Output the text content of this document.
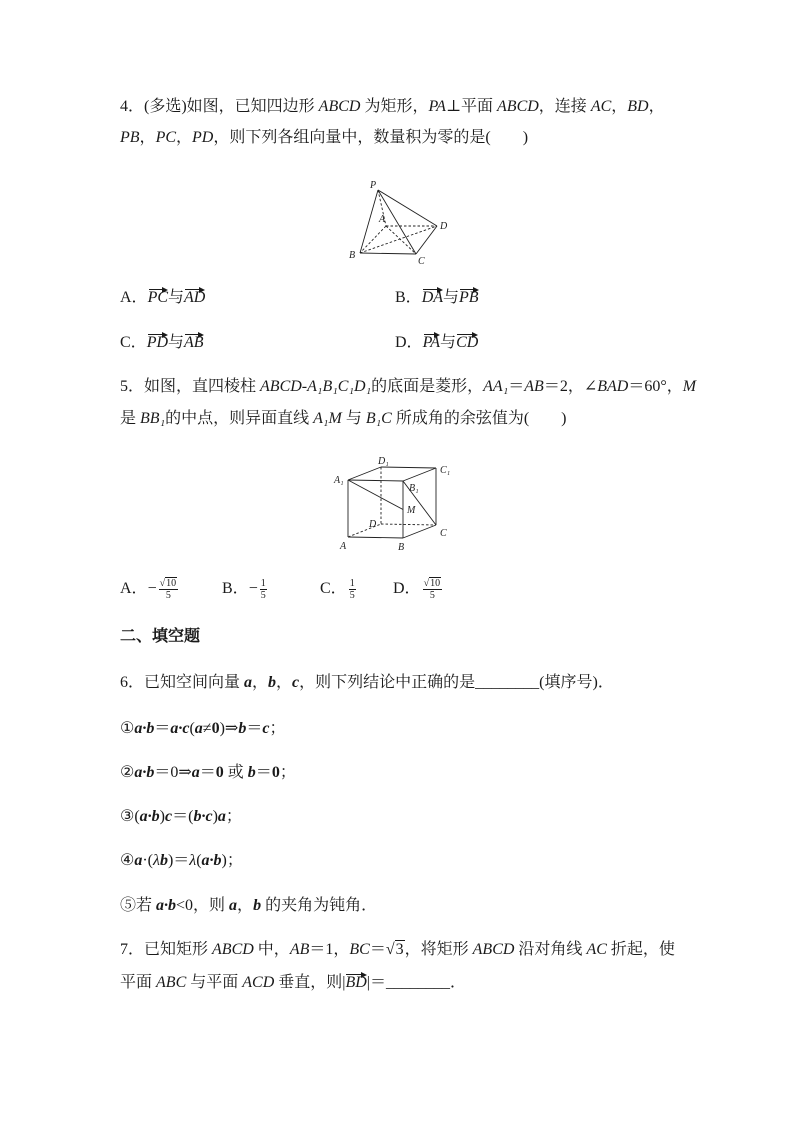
4．(多选)如图，已知四边形 ABCD 为矩形，PA⊥平面 ABCD，连接 AC，BD，
PB，PC，PD，则下列各组向量中，数量积为零的是(　　)
P
A
B
C
D
A．PC与AD	B．DA与PB
C．PD与AB	D．PA与CD
5．如图，直四棱柱 ABCD-A₁B₁C₁D₁的底面是菱形，AA₁＝AB＝2，∠BAD＝60°，M
是 BB₁的中点，则异面直线 A₁M 与 B₁C 所成角的余弦值为(　　)
D₁
C₁
A₁
B₁
M
D
C
A	B
A．− $\frac{√10}{5}$	B．− $\frac{1}{5}$	C． $\frac{1}{5}$ D． $\frac{√10}{5}$
二、填空题
6．已知空间向量 a，b，c，则下列结论中正确的是________(填序号)．
①a·b＝a·c(a≠0)⇒b＝c；
②a·b＝0⇒a＝0 或 b＝0；
③(a·b)c＝(b·c)a；
④a·(λb)＝λ(a·b)；
⑤若 a·b<0，则 a，b 的夹角为钝角．
7．已知矩形 ABCD 中，AB＝1，BC＝√3，将矩形 ABCD 沿对角线 AC 折起，使
平面 ABC 与平面 ACD 垂直，则|BD|＝________．
